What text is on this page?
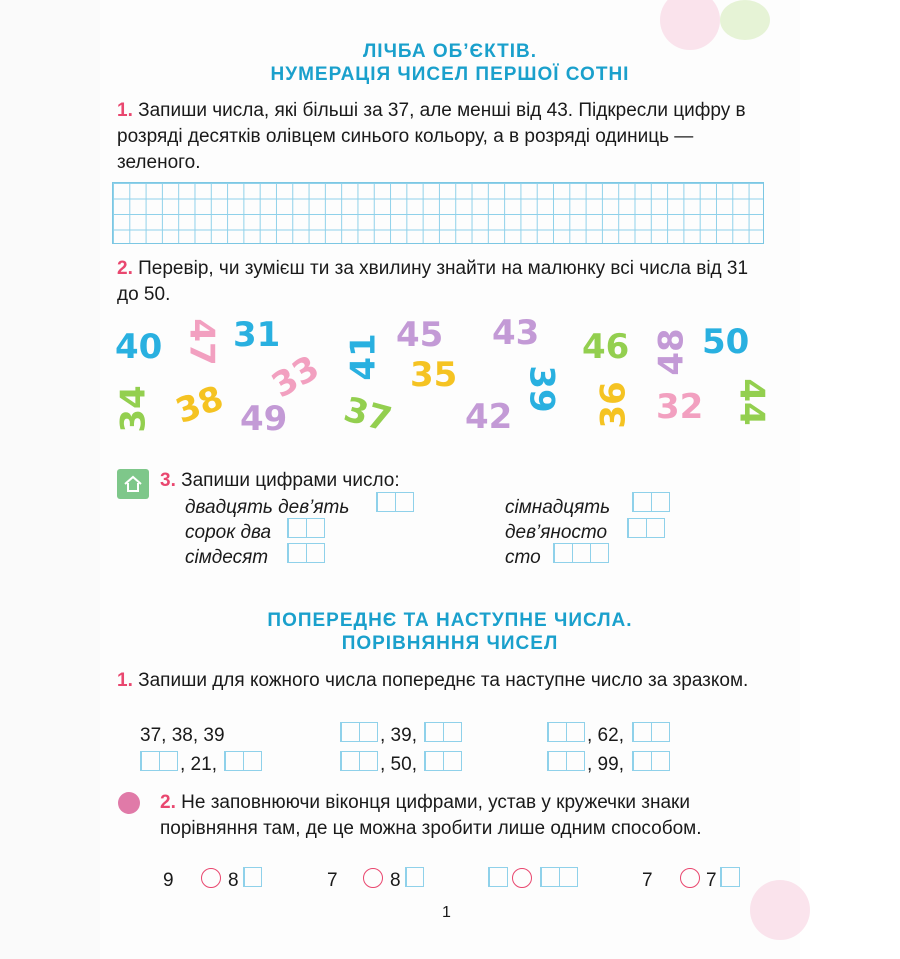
ЛІЧБА ОБ’ЄКТІВ.
НУМЕРАЦІЯ ЧИСЕЛ ПЕРШОЇ СОТНІ
1. Запиши числа, які більші за 37, але менші від 43. Підкресли цифру в розряді десятків олівцем синього кольору, а в розряді одиниць — зеленого.
2. Перевір, чи зумієш ти за хвилину знайти на малюнку всі числа від 31 до 50.
40 47 31
33 41 45
35
43 46 48 50
34 38 49 37 42
39 36 32 44
3. Запиши цифрами число:
двадцять дев’ять
сорок два
сімдесят
сімнадцять
дев’яносто
сто
ПОПЕРЕДНЄ ТА НАСТУПНЕ ЧИСЛА.
ПОРІВНЯННЯ ЧИСЕЛ
1. Запиши для кожного числа попереднє та наступне число за зразком.
37, 38, 39	, 39,	, 62,
, 21,	, 50,	, 99,
2. Не заповнюючи віконця цифрами, устав у кружечки знаки порівняння там, де це можна зробити лише одним способом.
9	8	7	8	7	7
1
